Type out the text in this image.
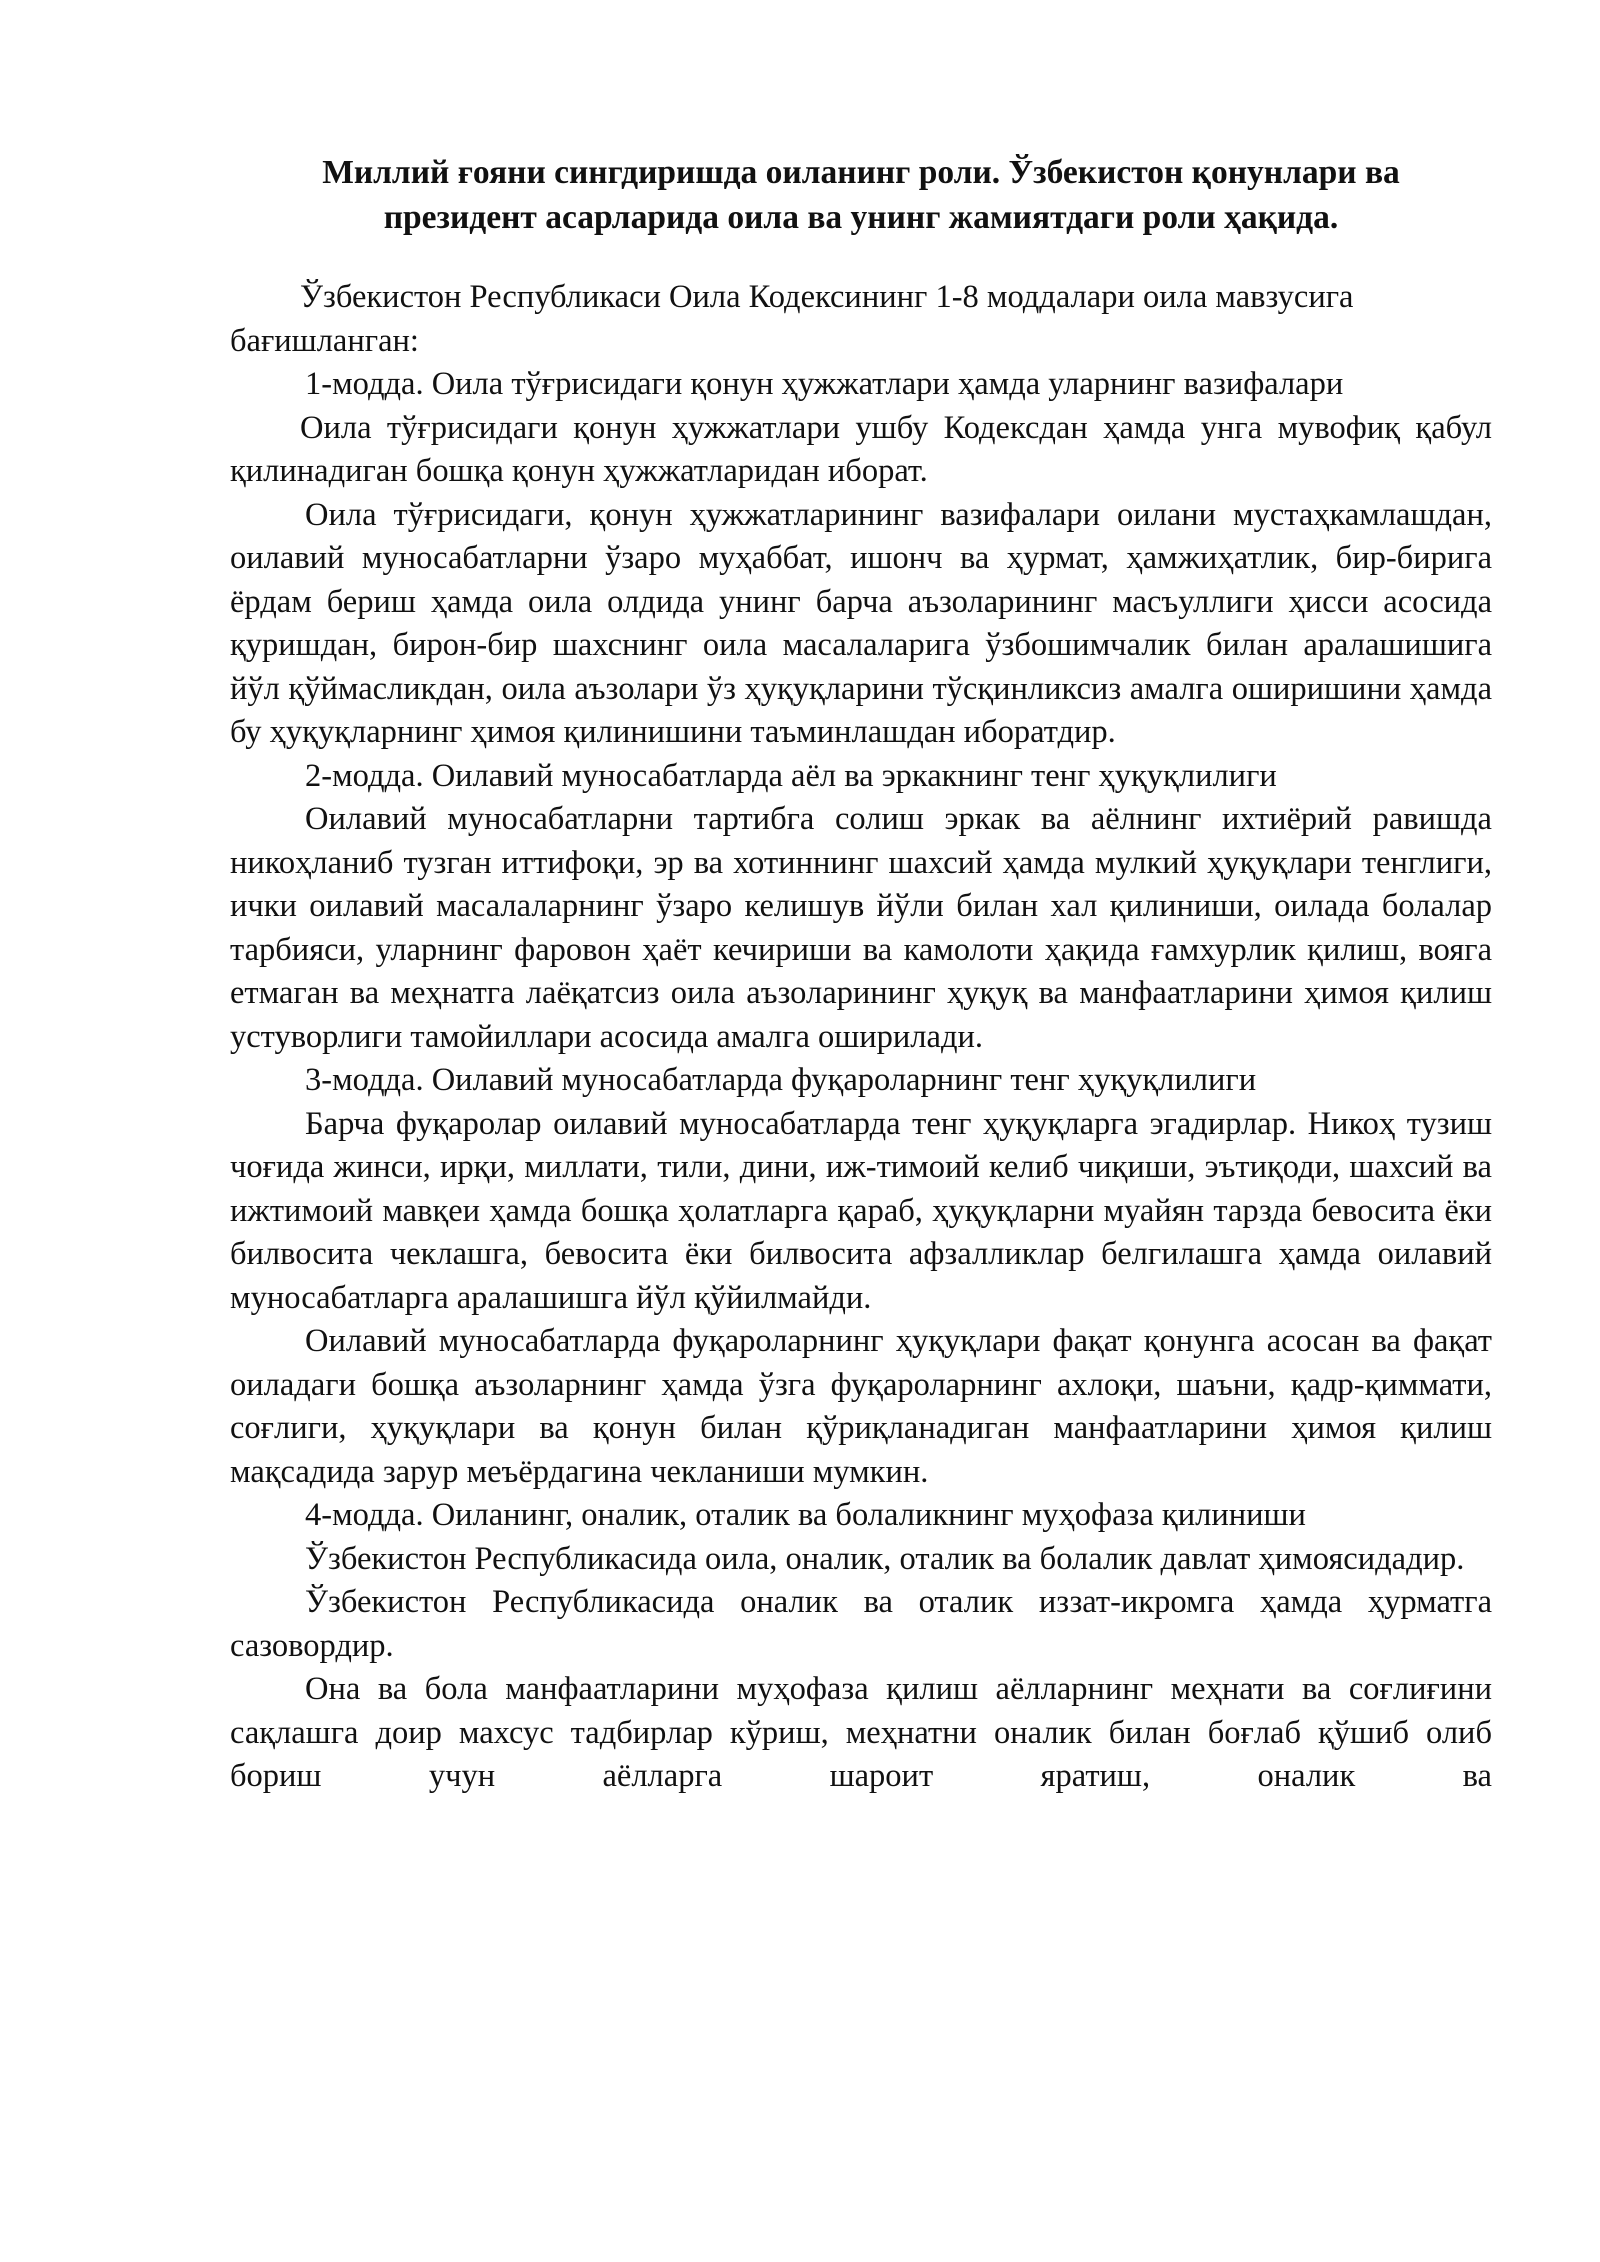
Миллий ғояни сингдиришда оиланинг роли. Ўзбекистон қонунлари ва
президент асарларида оила ва унинг жамиятдаги роли ҳақида.

Ўзбекистон Республикаси Оила Кодексининг 1-8 моддалари оила мавзусига бағишланган:

1-модда. Оила тўғрисидаги қонун ҳужжатлари ҳамда уларнинг вазифалари

Оила тўғрисидаги қонун ҳужжатлари ушбу Кодексдан ҳамда унга мувофиқ қабул қилинадиган бошқа қонун ҳужжатларидан иборат.

Оила тўғрисидаги, қонун ҳужжатларининг вазифалари оилани мустаҳкамлашдан, оилавий муносабатларни ўзаро муҳаббат, ишонч ва ҳурмат, ҳамжиҳатлик, бир-бирига ёрдам бериш ҳамда оила олдида унинг барча аъзоларининг масъуллиги ҳисси асосида қуришдан, бирон-бир шахснинг оила масалаларига ўзбошимчалик билан аралашишига йўл қўймасликдан, оила аъзолари ўз ҳуқуқларини тўсқинликсиз амалга оширишини ҳамда бу ҳуқуқларнинг ҳимоя қилинишини таъминлашдан иборатдир.

2-модда. Оилавий муносабатларда аёл ва эркакнинг тенг ҳуқуқлилиги

Оилавий муносабатларни тартибга солиш эркак ва аёлнинг ихтиёрий равишда никоҳланиб тузган иттифоқи, эр ва хотиннинг шахсий ҳамда мулкий ҳуқуқлари тенглиги, ички оилавий масалаларнинг ўзаро келишув йўли билан хал қилиниши, оилада болалар тарбияси, уларнинг фаровон ҳаёт кечириши ва камолоти ҳақида ғамхурлик қилиш, вояга етмаган ва меҳнатга лаёқатсиз оила аъзоларининг ҳуқуқ ва манфаатларини ҳимоя қилиш устуворлиги тамойиллари асосида амалга оширилади.

3-модда. Оилавий муносабатларда фуқароларнинг тенг ҳуқуқлилиги

Барча фуқаролар оилавий муносабатларда тенг ҳуқуқларга эгадирлар. Никоҳ тузиш чоғида жинси, ирқи, миллати, тили, дини, иж-тимоий келиб чиқиши, эътиқоди, шахсий ва ижтимоий мавқеи ҳамда бошқа ҳолатларга қараб, ҳуқуқларни муайян тарзда бевосита ёки билвосита чеклашга, бевосита ёки билвосита афзалликлар белгилашга ҳамда оилавий муносабатларга аралашишга йўл қўйилмайди.

Оилавий муносабатларда фуқароларнинг ҳуқуқлари фақат қонунга асосан ва фақат оиладаги бошқа аъзоларнинг ҳамда ўзга фуқароларнинг ахлоқи, шаъни, қадр-қиммати, соғлиги, ҳуқуқлари ва қонун билан қўриқланадиган манфаатларини ҳимоя қилиш мақсадида зарур меъёрдагина чекланиши мумкин.

4-модда. Оиланинг, оналик, оталик ва болаликнинг муҳофаза қилиниши

Ўзбекистон Республикасида оила, оналик, оталик ва болалик давлат ҳимоясидадир.

Ўзбекистон Республикасида оналик ва оталик иззат-икромга ҳамда ҳурматга сазовордир.

Она ва бола манфаатларини муҳофаза қилиш аёлларнинг меҳнати ва соғлиғини сақлашга доир махсус тадбирлар кўриш, меҳнатни оналик билан боғлаб қўшиб олиб бориш учун аёлларга шароит яратиш, оналик ва
